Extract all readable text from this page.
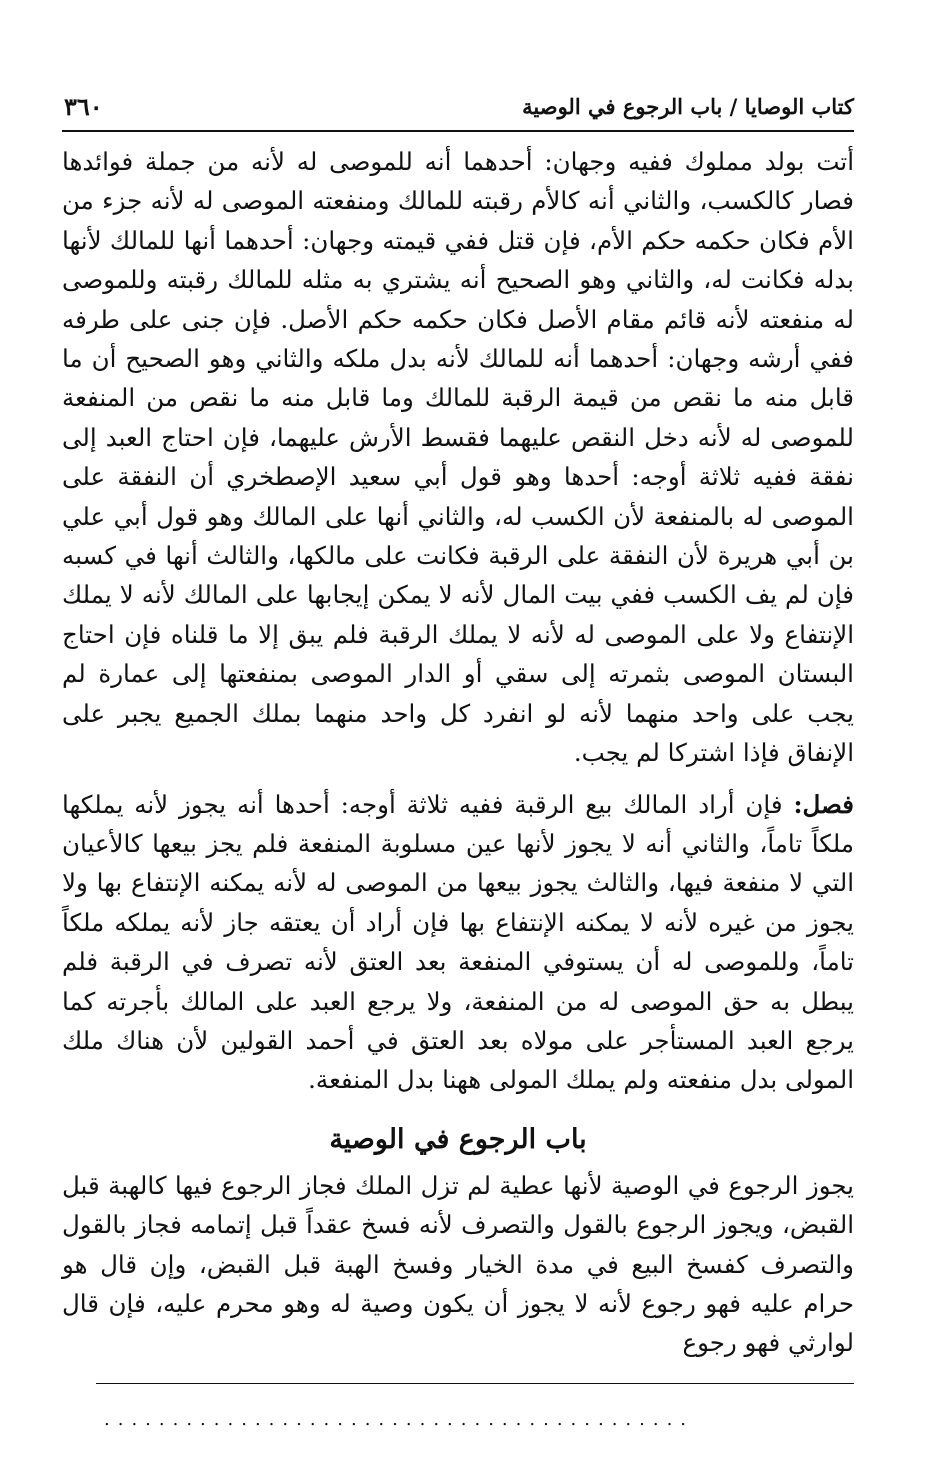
٣٦٠	كتاب الوصايا / باب الرجوع في الوصية

أتت بولد مملوك ففيه وجهان: أحدهما أنه للموصى له لأنه من جملة فوائدها فصار كالكسب، والثاني أنه كالأم رقبته للمالك ومنفعته الموصى له لأنه جزء من الأم فكان حكمه حكم الأم، فإن قتل ففي قيمته وجهان: أحدهما أنها للمالك لأنها بدله فكانت له، والثاني وهو الصحيح أنه يشتري به مثله للمالك رقبته وللموصى له منفعته لأنه قائم مقام الأصل فكان حكمه حكم الأصل. فإن جنى على طرفه ففي أرشه وجهان: أحدهما أنه للمالك لأنه بدل ملكه والثاني وهو الصحيح أن ما قابل منه ما نقص من قيمة الرقبة للمالك وما قابل منه ما نقص من المنفعة للموصى له لأنه دخل النقص عليهما فقسط الأرش عليهما، فإن احتاج العبد إلى نفقة ففيه ثلاثة أوجه: أحدها وهو قول أبي سعيد الإصطخري أن النفقة على الموصى له بالمنفعة لأن الكسب له، والثاني أنها على المالك وهو قول أبي علي بن أبي هريرة لأن النفقة على الرقبة فكانت على مالكها، والثالث أنها في كسبه فإن لم يف الكسب ففي بيت المال لأنه لا يمكن إيجابها على المالك لأنه لا يملك الإنتفاع ولا على الموصى له لأنه لا يملك الرقبة فلم يبق إلا ما قلناه فإن احتاج البستان الموصى بثمرته إلى سقي أو الدار الموصى بمنفعتها إلى عمارة لم يجب على واحد منهما لأنه لو انفرد كل واحد منهما بملك الجميع يجبر على الإنفاق فإذا اشتركا لم يجب.

فصل: فإن أراد المالك بيع الرقبة ففيه ثلاثة أوجه: أحدها أنه يجوز لأنه يملكها ملكاً تاماً، والثاني أنه لا يجوز لأنها عين مسلوبة المنفعة فلم يجز بيعها كالأعيان التي لا منفعة فيها، والثالث يجوز بيعها من الموصى له لأنه يمكنه الإنتفاع بها ولا يجوز من غيره لأنه لا يمكنه الإنتفاع بها فإن أراد أن يعتقه جاز لأنه يملكه ملكاً تاماً، وللموصى له أن يستوفي المنفعة بعد العتق لأنه تصرف في الرقبة فلم يبطل به حق الموصى له من المنفعة، ولا يرجع العبد على المالك بأجرته كما يرجع العبد المستأجر على مولاه بعد العتق في أحمد القولين لأن هناك ملك المولى بدل منفعته ولم يملك المولى ههنا بدل المنفعة.

باب الرجوع في الوصية

يجوز الرجوع في الوصية لأنها عطية لم تزل الملك فجاز الرجوع فيها كالهبة قبل القبض، ويجوز الرجوع بالقول والتصرف لأنه فسخ عقداً قبل إتمامه فجاز بالقول والتصرف كفسخ البيع في مدة الخيار وفسخ الهبة قبل القبض، وإن قال هو حرام عليه فهو رجوع لأنه لا يجوز أن يكون وصية له وهو محرم عليه، فإن قال لوارثي فهو رجوع

...........................................
